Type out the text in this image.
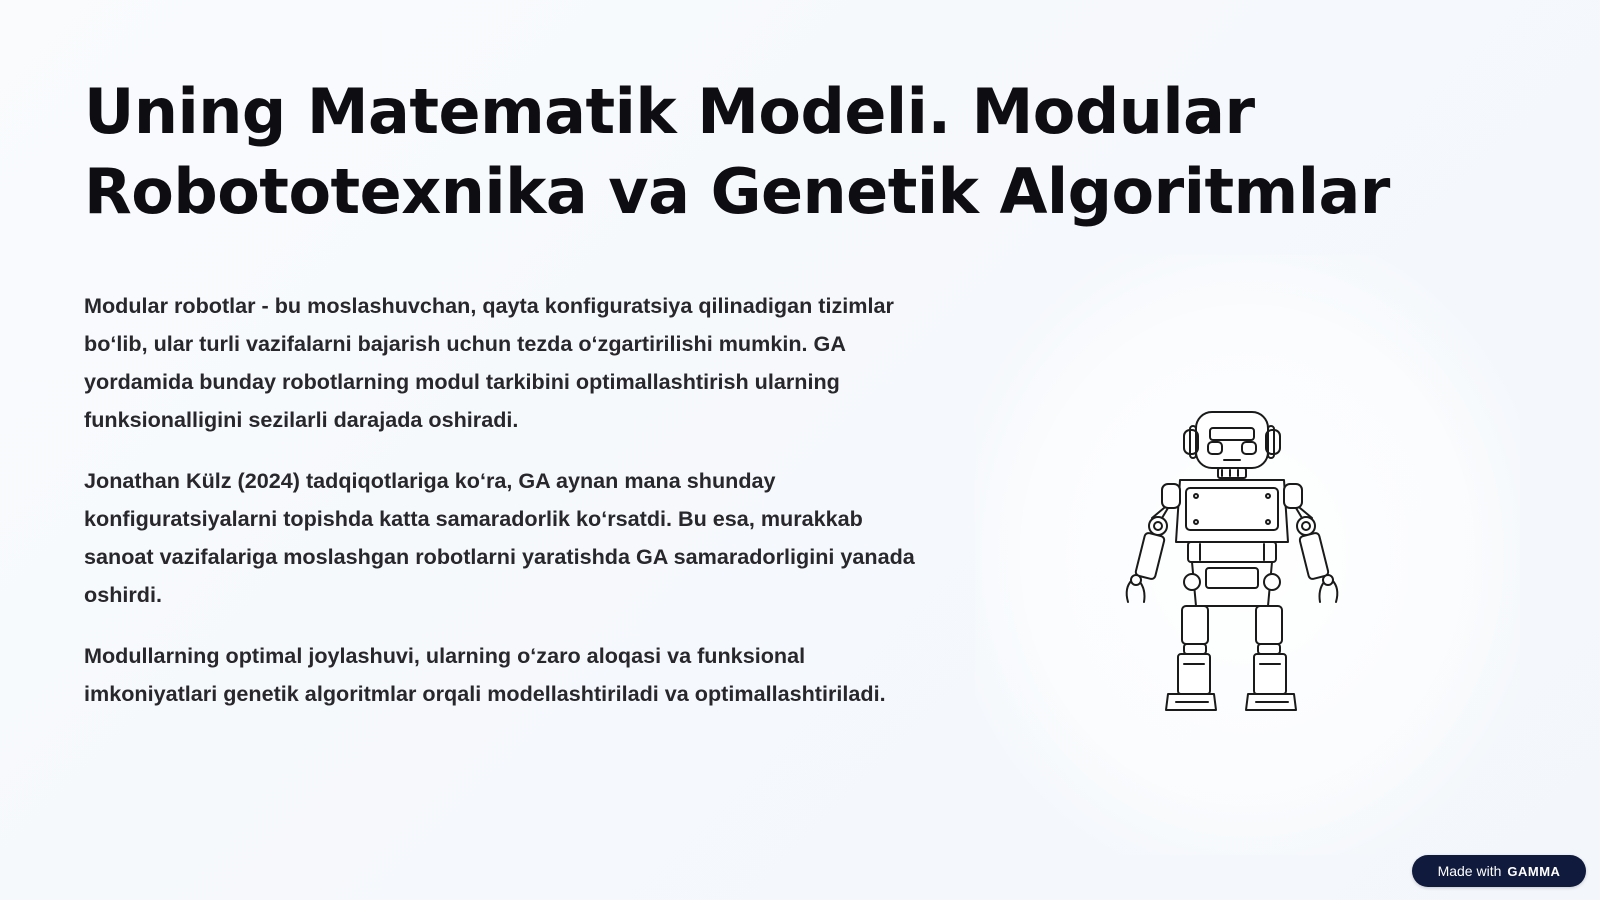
Uning Matematik Modeli. Modular Robototexnika va Genetik Algoritmlar

Modular robotlar - bu moslashuvchan, qayta konfiguratsiya qilinadigan tizimlar bo‘lib, ular turli vazifalarni bajarish uchun tezda o‘zgartirilishi mumkin. GA yordamida bunday robotlarning modul tarkibini optimallashtirish ularning funksionalligini sezilarli darajada oshiradi.

Jonathan Külz (2024) tadqiqotlariga ko‘ra, GA aynan mana shunday konfiguratsiyalarni topishda katta samaradorlik ko‘rsatdi. Bu esa, murakkab sanoat vazifalariga moslashgan robotlarni yaratishda GA samaradorligini yanada oshirdi.

Modullarning optimal joylashuvi, ularning o‘zaro aloqasi va funksional imkoniyatlari genetik algoritmlar orqali modellashtiriladi va optimallashtiriladi.

Made with GAMMA
